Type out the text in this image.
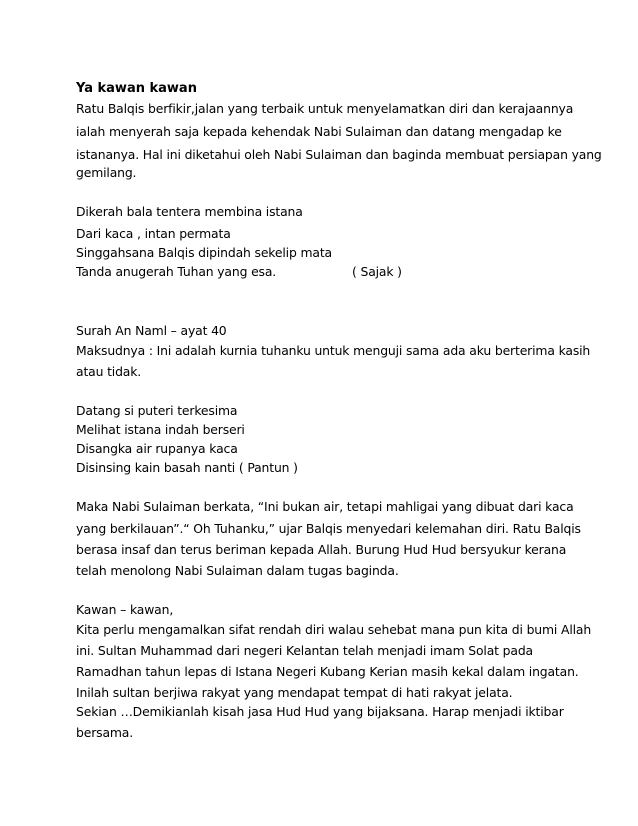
Ya kawan kawan
Ratu Balqis berfikir,jalan yang terbaik untuk menyelamatkan diri dan kerajaannya
ialah menyerah saja kepada kehendak Nabi Sulaiman dan datang mengadap ke
istananya. Hal ini diketahui oleh Nabi Sulaiman dan baginda membuat persiapan yang
gemilang.
Dikerah bala tentera membina istana
Dari kaca , intan permata
Singgahsana Balqis dipindah sekelip mata
Tanda anugerah Tuhan yang esa.	( Sajak )
Surah An Naml – ayat 40
Maksudnya : Ini adalah kurnia tuhanku untuk menguji sama ada aku berterima kasih
atau tidak.
Datang si puteri terkesima
Melihat istana indah berseri
Disangka air rupanya kaca
Disinsing kain basah nanti ( Pantun )
Maka Nabi Sulaiman berkata, “Ini bukan air, tetapi mahligai yang dibuat dari kaca
yang berkilauan”.“ Oh Tuhanku,” ujar Balqis menyedari kelemahan diri. Ratu Balqis
berasa insaf dan terus beriman kepada Allah. Burung Hud Hud bersyukur kerana
telah menolong Nabi Sulaiman dalam tugas baginda.
Kawan – kawan,
Kita perlu mengamalkan sifat rendah diri walau sehebat mana pun kita di bumi Allah
ini. Sultan Muhammad dari negeri Kelantan telah menjadi imam Solat pada
Ramadhan tahun lepas di Istana Negeri Kubang Kerian masih kekal dalam ingatan.
Inilah sultan berjiwa rakyat yang mendapat tempat di hati rakyat jelata.
Sekian …Demikianlah kisah jasa Hud Hud yang bijaksana. Harap menjadi iktibar
bersama.
